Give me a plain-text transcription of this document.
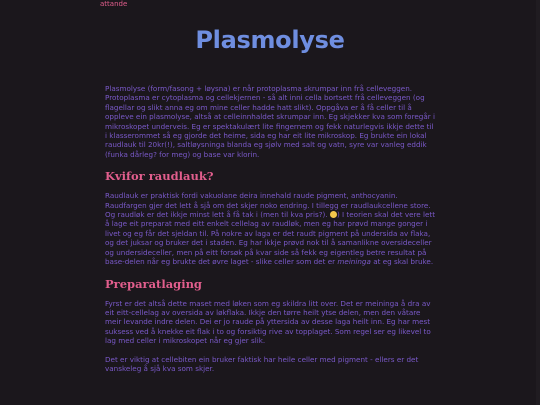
attande
Plasmolyse

Plasmolyse (form/fasong + løysna) er når protoplasma skrumpar inn frå celleveggen. Protoplasma er cytoplasma og cellekjernen - så alt inni cella bortsett frå celleveggen (og flagellar og slikt anna eg om mine celler hadde hatt slikt). Oppgåva er å få celler til å oppleve ein plasmolyse, altså at celleinnhaldet skrumpar inn. Eg skjekker kva som foregår i mikroskopet underveis. Eg er spektakulært lite fingernem og fekk naturlegvis ikkje dette til i klasserommet så eg gjorde det heime, sida eg har eit lite mikroskop. Eg brukte ein lokal raudlauk til 20kr(!), saltløysninga blanda eg sjølv med salt og vatn, syre var vanleg eddik (funka dårleg? for meg) og base var klorin.

Kvifor raudlauk?

Raudlauk er praktisk fordi vakuolane deira innehald raude pigment, anthocyanin. Raudfargen gjer det lett å sjå om det skjer noko endring. I tillegg er raudlaukcellene store. Og raudløk er det ikkje minst lett å få tak i (men til kva pris?). ) I teorien skal det vere lett å lage eit preparat med eitt enkelt cellelag av raudløk, men eg har prøvd mange gonger i livet og eg får det sjeldan til. På nokre av laga er det raudt pigment på undersida av flaka, og det juksar og bruker det i staden. Eg har ikkje prøvd nok til å samanlikne oversideceller og undersideceller, men på eitt forsøk på kvar side så fekk eg eigentleg betre resultat på base-delen når eg brukte det øvre laget - slike celler som det er meininga at eg skal bruke.

Preparatlaging

Fyrst er det altså dette maset med løken som eg skildra litt over. Det er meininga å dra av eit eitt-cellelag av oversida av løkflaka. Ikkje den tørre heilt ytse delen, men den våtare meir levande indre delen. Dei er jo raude på yttersida av desse laga heilt inn. Eg har mest suksess ved å knekke eit flak i to og forsiktig rive av topplaget. Som regel ser eg likevel to lag med celler i mikroskopet når eg gjer slik.

Det er viktig at cellebiten ein bruker faktisk har heile celler med pigment - ellers er det vanskeleg å sjå kva som skjer.
